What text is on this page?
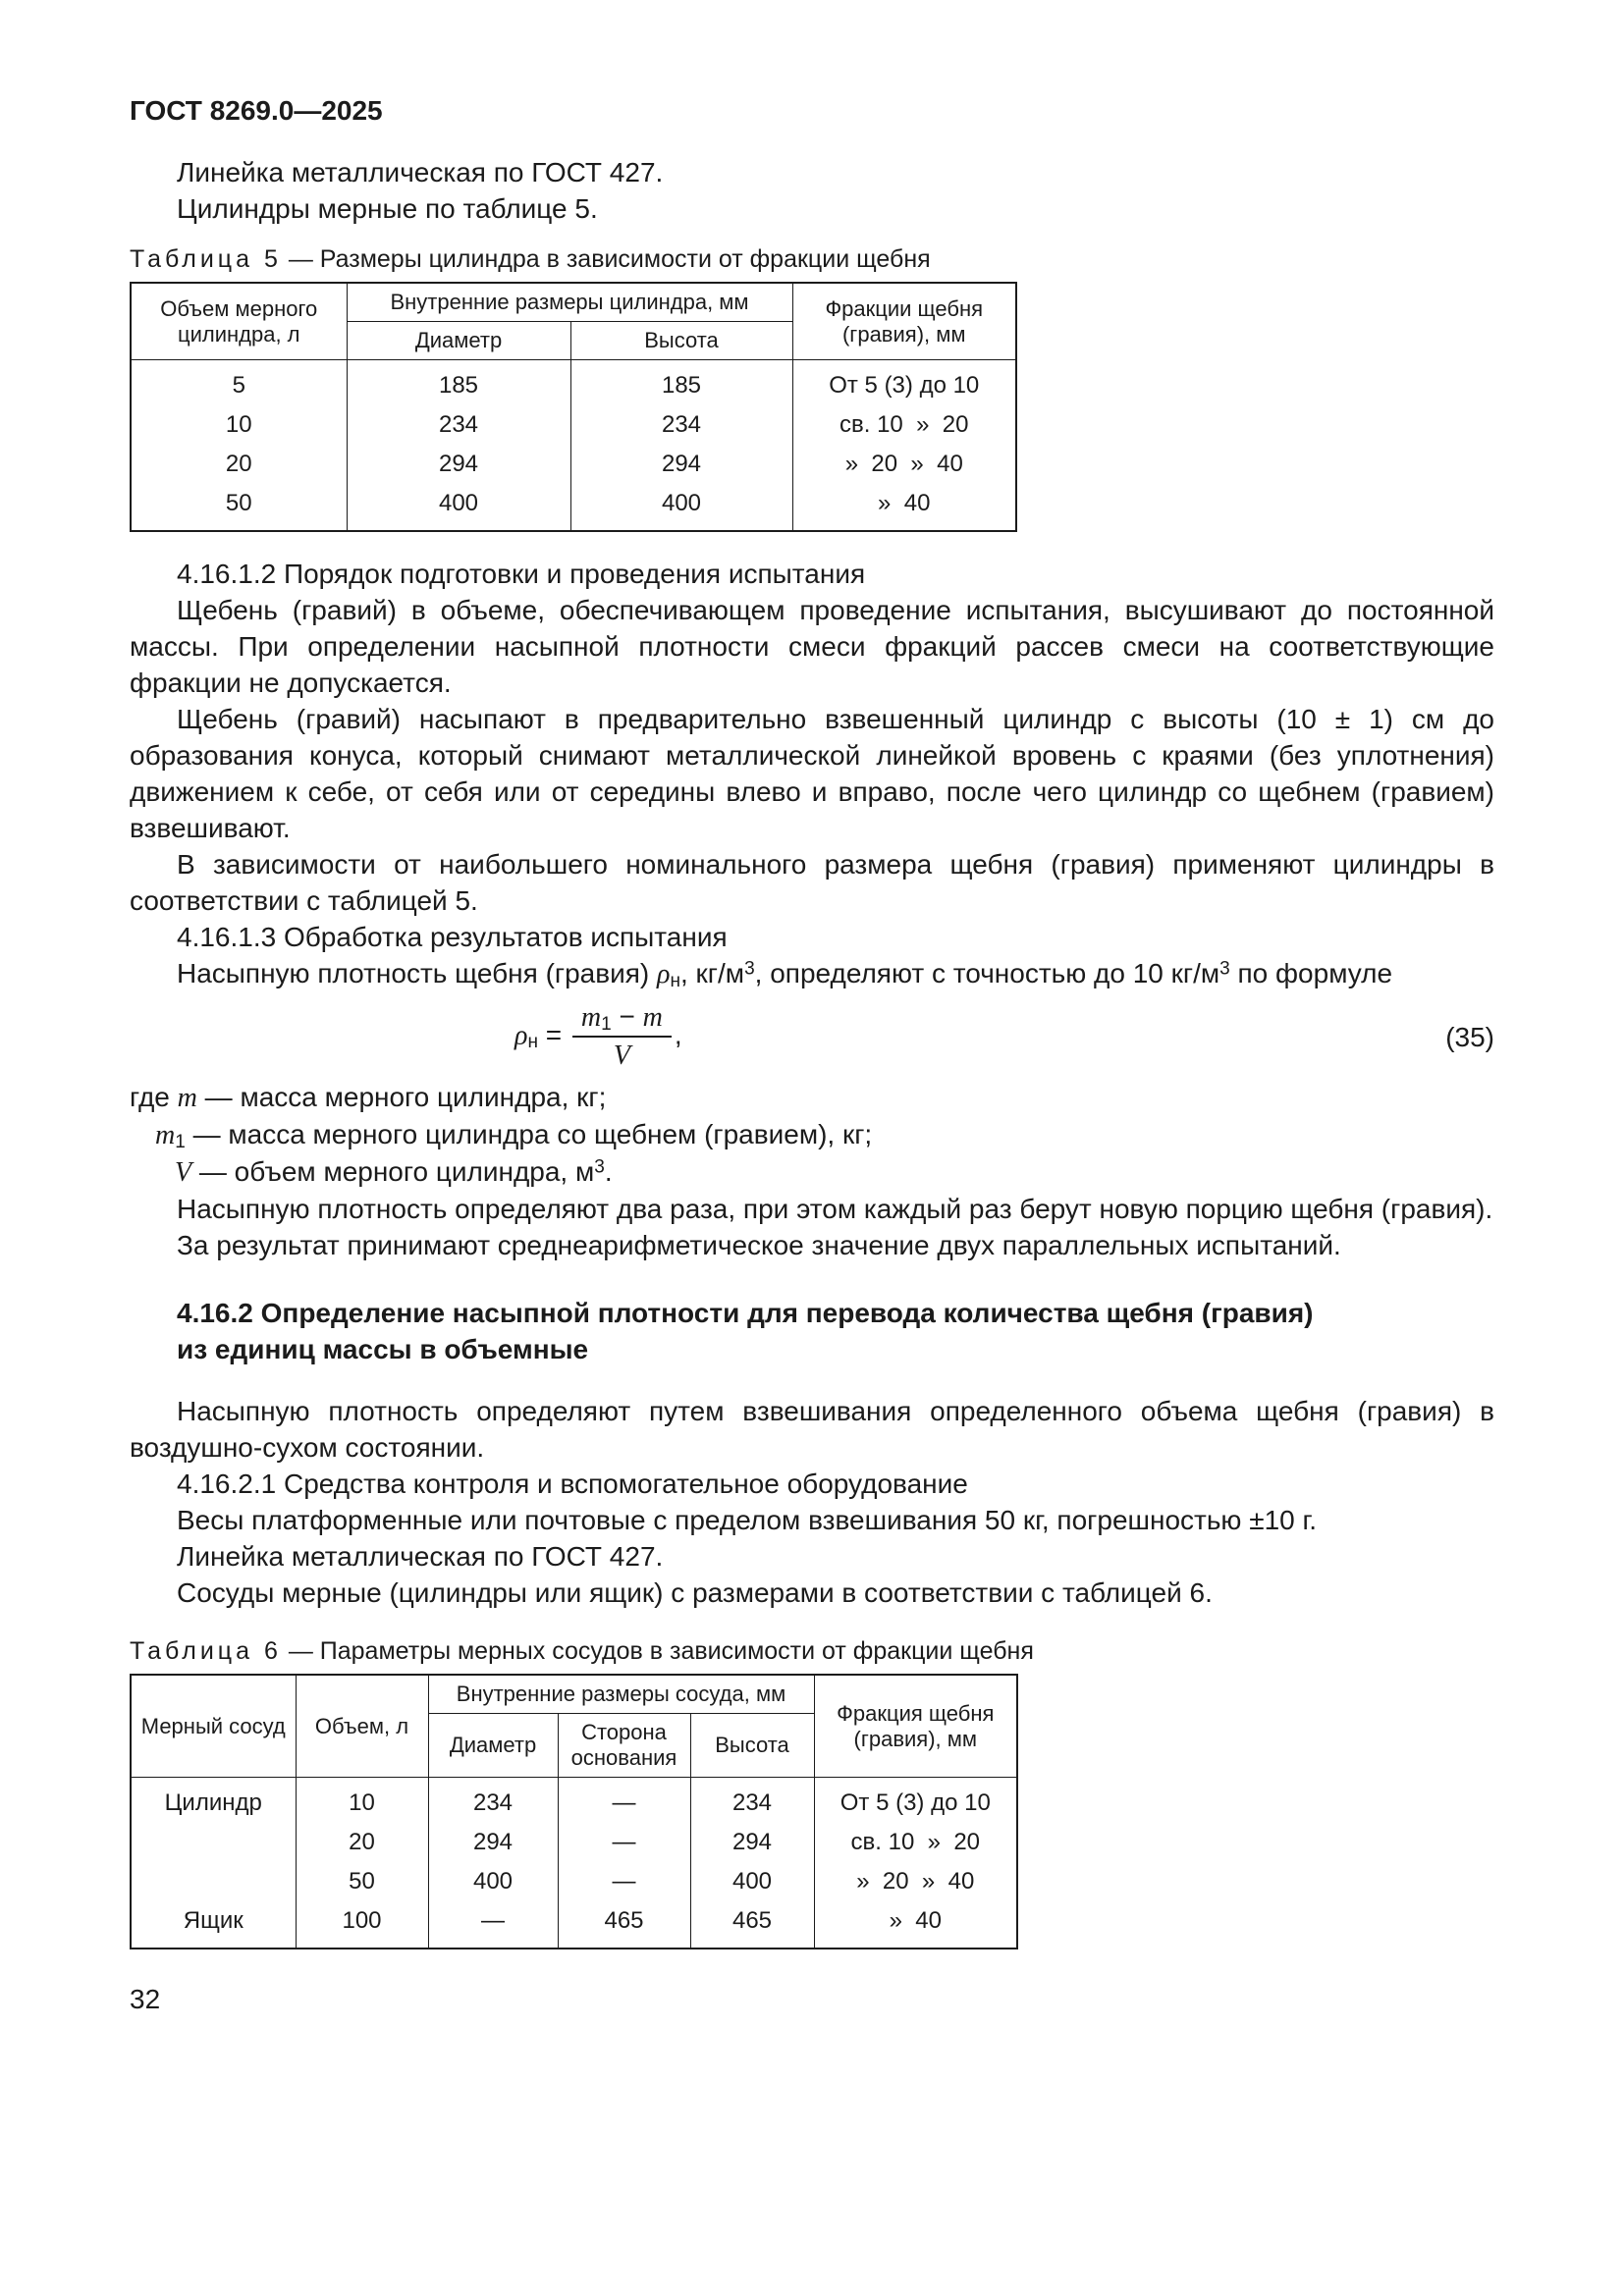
ГОСТ 8269.0—2025

Линейка металлическая по ГОСТ 427.

Цилиндры мерные по таблице 5.

Таблица 5 — Размеры цилиндра в зависимости от фракции щебня
Объем мерного цилиндра, л	Внутренние размеры цилиндра, мм		Фракции щебня (гравия), мм
	Диаметр	Высота	
5	185	185	От 5 (3) до 10
10	234	234	св. 10  »  20
20	294	294	»  20  »  40
50	400	400	»  40

4.16.1.2 Порядок подготовки и проведения испытания

Щебень (гравий) в объеме, обеспечивающем проведение испытания, высушивают до постоянной массы. При определении насыпной плотности смеси фракций рассев смеси на соответствующие фракции не допускается.

Щебень (гравий) насыпают в предварительно взвешенный цилиндр с высоты (10 ± 1) см до образования конуса, который снимают металлической линейкой вровень с краями (без уплотнения) движением к себе, от себя или от середины влево и вправо, после чего цилиндр со щебнем (гравием) взвешивают.

В зависимости от наибольшего номинального размера щебня (гравия) применяют цилиндры в соответствии с таблицей 5.

4.16.1.3 Обработка результатов испытания

Насыпную плотность щебня (гравия) $\rho_н$, $кг/м^3$, определяют с точностью до 10 $кг/м^3$ по формуле

$\rho_н = \frac{m_1 - m}{V}$ ,	(35)

где m — масса мерного цилиндра, кг;

$m_1$ — масса мерного цилиндра со щебнем (гравием), кг;

V — объем мерного цилиндра, $м^3$.

Насыпную плотность определяют два раза, при этом каждый раз берут новую порцию щебня (гравия).

За результат принимают среднеарифметическое значение двух параллельных испытаний.

4.16.2 Определение насыпной плотности для перевода количества щебня (гравия)
из единиц массы в объемные

Насыпную плотность определяют путем взвешивания определенного объема щебня (гравия) в воздушно-сухом состоянии.

4.16.2.1 Средства контроля и вспомогательное оборудование

Весы платформенные или почтовые с пределом взвешивания 50 кг, погрешностью ±10 г.

Линейка металлическая по ГОСТ 427.

Сосуды мерные (цилиндры или ящик) с размерами в соответствии с таблицей 6.

Таблица 6 — Параметры мерных сосудов в зависимости от фракции щебня
Мерный сосуд	Объем, л	Внутренние размеры сосуда, мм			Фракция щебня (гравия), мм
		Диаметр	Сторона основания	Высота	
Цилиндр	10	234	—	234	От 5 (3) до 10
	20	294	—	294	св. 10  »  20
	50	400	—	400	»  20  »  40
Ящик	100	—	465	465	»  40
32
